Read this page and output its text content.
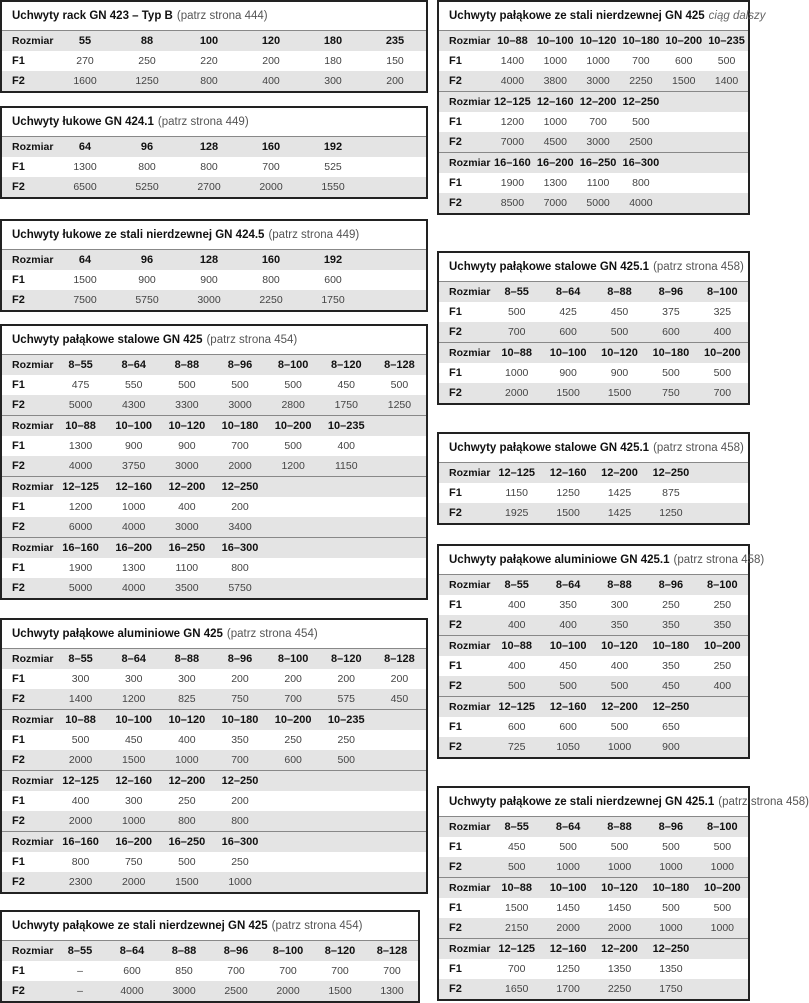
Uchwyty rack GN 423 – Typ B (patrz strona 444)
Rozmiar	55	88	100	120	180	235
F1	270	250	220	200	180	150
F2	1600	1250	800	400	300	200
Uchwyty łukowe GN 424.1 (patrz strona 449)
Rozmiar	64	96	128	160	192
F1	1300	800	800	700	525
F2	6500	5250	2700	2000	1550
Uchwyty łukowe ze stali nierdzewnej GN 424.5 (patrz strona 449)
Rozmiar	64	96	128	160	192
F1	1500	900	900	800	600
F2	7500	5750	3000	2250	1750
Uchwyty pałąkowe stalowe GN 425 (patrz strona 454)
Rozmiar	8–55	8–64	8–88	8–96	8–100	8–120	8–128
F1	475	550	500	500	500	450	500
F2	5000	4300	3300	3000	2800	1750	1250
Rozmiar	10–88	10–100	10–120	10–180	10–200	10–235
F1	1300	900	900	700	500	400
F2	4000	3750	3000	2000	1200	1150
Rozmiar 12–125	12–160	12–200	12–250
F1	1200	1000	400	200
F2	6000	4000	3000	3400
Rozmiar 16–160	16–200	16–250	16–300
F1	1900	1300	1100	800
F2	5000	4000	3500	5750
Uchwyty pałąkowe aluminiowe GN 425 (patrz strona 454)
Rozmiar	8–55	8–64	8–88	8–96	8–100	8–120	8–128
F1	300	300	300	200	200	200	200
F2	1400	1200	825	750	700	575	450
Rozmiar	10–88	10–100	10–120	10–180	10–200	10–235
F1	500	450	400	350	250	250
F2	2000	1500	1000	700	600	500
Rozmiar 12–125	12–160	12–200	12–250
F1	400	300	250	200
F2	2000	1000	800	800
Rozmiar 16–160	16–200	16–250	16–300
F1	800	750	500	250
F2	2300	2000	1500	1000
Uchwyty pałąkowe ze stali nierdzewnej GN 425 (patrz strona 454)
Rozmiar	8–55	8–64	8–88	8–96	8–100	8–120	8–128
F1	–	600	850	700	700	700	700
F2	–	4000	3000	2500	2000	1500	1300
Uchwyty pałąkowe ze stali nierdzewnej GN 425 ciąg dalszy
Rozmiar 10–88 10–100 10–120 10–180 10–200 10–235
F1	1400	1000	1000	700	600	500
F2	4000	3800	3000	2250	1500	1400
Rozmiar 12–125 12–160 12–200 12–250
F1	1200	1000	700	500
F2	7000	4500	3000	2500
Rozmiar 16–160 16–200 16–250 16–300
F1	1900	1300	1100	800
F2	8500	7000	5000	4000
Uchwyty pałąkowe stalowe GN 425.1 (patrz strona 458)
Rozmiar	8–55	8–64	8–88	8–96	8–100
F1	500	425	450	375	325
F2	700	600	500	600	400
Rozmiar 10–88	10–100	10–120	10–180	10–200
F1	1000	900	900	500	500
F2	2000	1500	1500	750	700
Uchwyty pałąkowe stalowe GN 425.1 (patrz strona 458)
Rozmiar 12–125	12–160	12–200	12–250
F1	1150	1250	1425	875
F2	1925	1500	1425	1250
Uchwyty pałąkowe aluminiowe GN 425.1 (patrz strona 458)
Rozmiar	8–55	8–64	8–88	8–96	8–100
F1	400	350	300	250	250
F2	400	400	350	350	350
Rozmiar 10–88	10–100	10–120	10–180	10–200
F1	400	450	400	350	250
F2	500	500	500	450	400
Rozmiar 12–125	12–160	12–200	12–250
F1	600	600	500	650
F2	725	1050	1000	900
Uchwyty pałąkowe ze stali nierdzewnej GN 425.1 (patrz strona 458)
Rozmiar	8–55	8–64	8–88	8–96	8–100
F1	450	500	500	500	500
F2	500	1000	1000	1000	1000
Rozmiar 10–88	10–100	10–120	10–180	10–200
F1	1500	1450	1450	500	500
F2	2150	2000	2000	1000	1000
Rozmiar 12–125	12–160	12–200	12–250
F1	700	1250	1350	1350
F2	1650	1700	2250	1750
